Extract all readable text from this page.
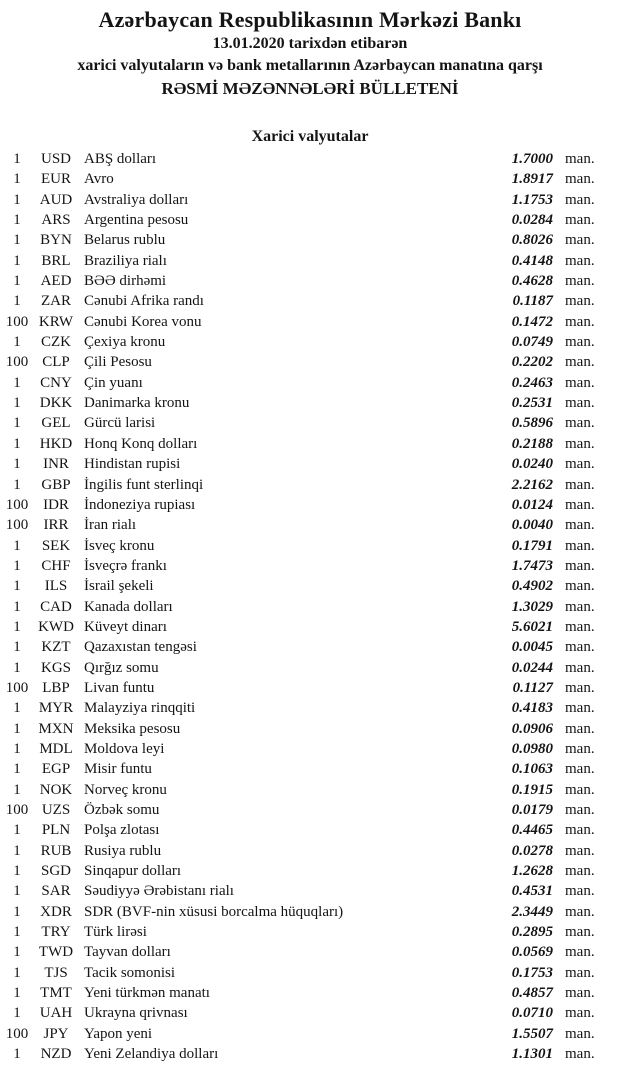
Azərbaycan Respublikasının Mərkəzi Bankı
13.01.2020 tarixdən etibarən
xarici valyutaların və bank metallarının Azərbaycan manatına qarşı
RƏSMİ MƏZƏNNƏLƏRİ BÜLLETENİ
Xarici valyutalar
1	USD ABŞ dolları	1.7000 man.
1	EUR Avro	1.8917 man.
1	AUD Avstraliya dolları	1.1753 man.
1	ARS Argentina pesosu	0.0284 man.
1	BYN Belarus rublu	0.8026 man.
1	BRL Braziliya rialı	0.4148 man.
1	AED BƏƏ dirhəmi	0.4628 man.
1	ZAR Cənubi Afrika randı	0.1187 man.
100 KRW Cənubi Korea vonu	0.1472 man.
1	CZK Çexiya kronu	0.0749 man.
100 CLP Çili Pesosu	0.2202 man.
1	CNY Çin yuanı	0.2463 man.
1	DKK Danimarka kronu	0.2531 man.
1	GEL Gürcü larisi	0.5896 man.
1	HKD Honq Konq dolları	0.2188 man.
1	INR	Hindistan rupisi	0.0240 man.
1	GBP İngilis funt sterlinqi	2.2162 man.
100 IDR	İndoneziya rupiası	0.0124 man.
100	IRR	İran rialı	0.0040 man.
1	SEK İsveç kronu	0.1791 man.
1	CHF İsveçrə frankı	1.7473 man.
1	ILS	İsrail şekeli	0.4902 man.
1	CAD Kanada dolları	1.3029 man.
1	KWD Küveyt dinarı	5.6021 man.
1	KZT Qazaxıstan tengəsi	0.0045 man.
1	KGS Qırğız somu	0.0244 man.
100 LBP Livan funtu	0.1127 man.
1	MYR Malayziya rinqqiti	0.4183 man.
1	MXN Meksika pesosu	0.0906 man.
1	MDL Moldova leyi	0.0980 man.
1	EGP Misir funtu	0.1063 man.
1	NOK Norveç kronu	0.1915 man.
100 UZS Özbək somu	0.0179 man.
1	PLN Polşa zlotası	0.4465 man.
1	RUB Rusiya rublu	0.0278 man.
1	SGD Sinqapur dolları	1.2628 man.
1	SAR Səudiyyə Ərəbistanı rialı	0.4531 man.
1	XDR SDR (BVF-nin xüsusi borcalma hüquqları)	2.3449 man.
1	TRY Türk lirəsi	0.2895 man.
1	TWD Tayvan dolları	0.0569 man.
1	TJS	Tacik somonisi	0.1753 man.
1	TMT Yeni türkmən manatı	0.4857 man.
1	UAH Ukrayna qrivnası	0.0710 man.
100	JPY	Yapon yeni	1.5507 man.
1	NZD Yeni Zelandiya dolları	1.1301 man.
